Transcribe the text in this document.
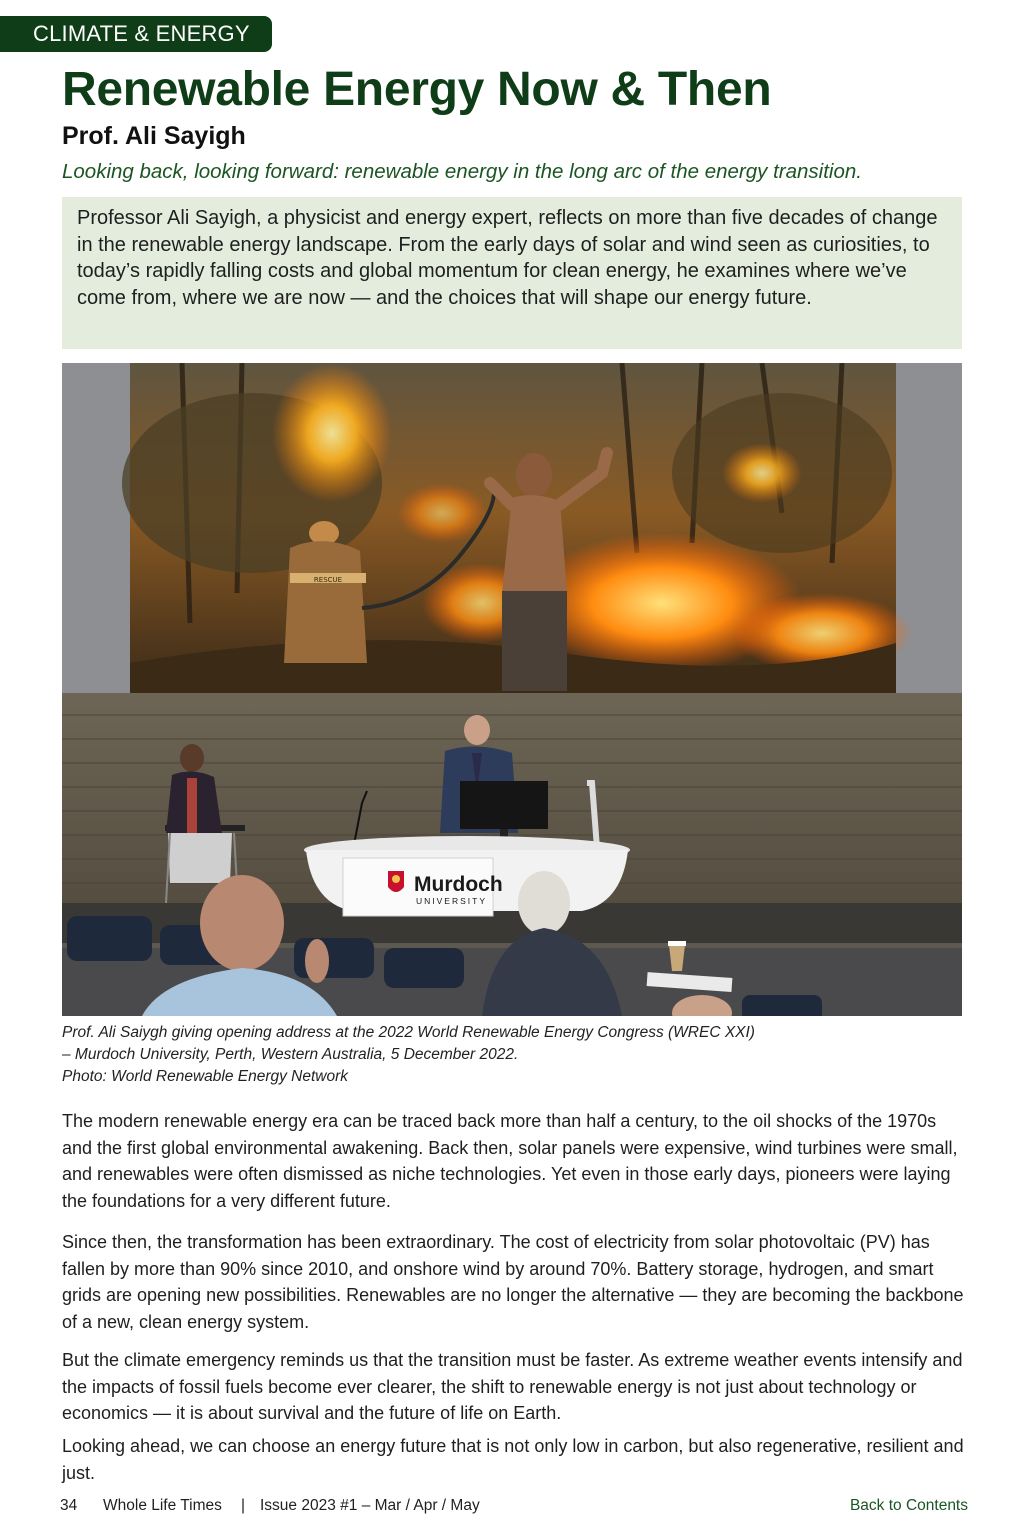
CLIMATE & ENERGY
Renewable Energy Now & Then
Prof. Ali Sayigh

Looking back, looking forward: renewable energy in the long arc of the energy transition.

Professor Ali Sayigh, a physicist and energy expert, reflects on more than five decades of change in the renewable energy landscape. From the early days of solar and wind seen as curiosities, to today’s rapidly falling costs and global momentum for clean energy, he examines where we’ve come from, where we are now — and the choices that will shape our energy future.
RESCUE
Murdoch
UNIVERSITY
Prof. Ali Saiygh giving opening address at the 2022 World Renewable Energy Congress (WREC XXI)
– Murdoch University, Perth, Western Australia, 5 December 2022.
Photo: World Renewable Energy Network

The modern renewable energy era can be traced back more than half a century, to the oil shocks of the 1970s and the first global environmental awakening. Back then, solar panels were expensive, wind turbines were small, and renewables were often dismissed as niche technologies. Yet even in those early days, pioneers were laying the foundations for a very different future.

Since then, the transformation has been extraordinary. The cost of electricity from solar photovoltaic (PV) has fallen by more than 90% since 2010, and onshore wind by around 70%. Battery storage, hydrogen, and smart grids are opening new possibilities. Renewables are no longer the alternative — they are becoming the backbone of a new, clean energy system.

But the climate emergency reminds us that the transition must be faster. As extreme weather events intensify and the impacts of fossil fuels become ever clearer, the shift to renewable energy is not just about technology or economics — it is about survival and the future of life on Earth.

Looking ahead, we can choose an energy future that is not only low in carbon, but also regenerative, resilient and just.

34 Whole Life Times | Issue 2023 #1 – Mar / Apr / May	Back to Contents
